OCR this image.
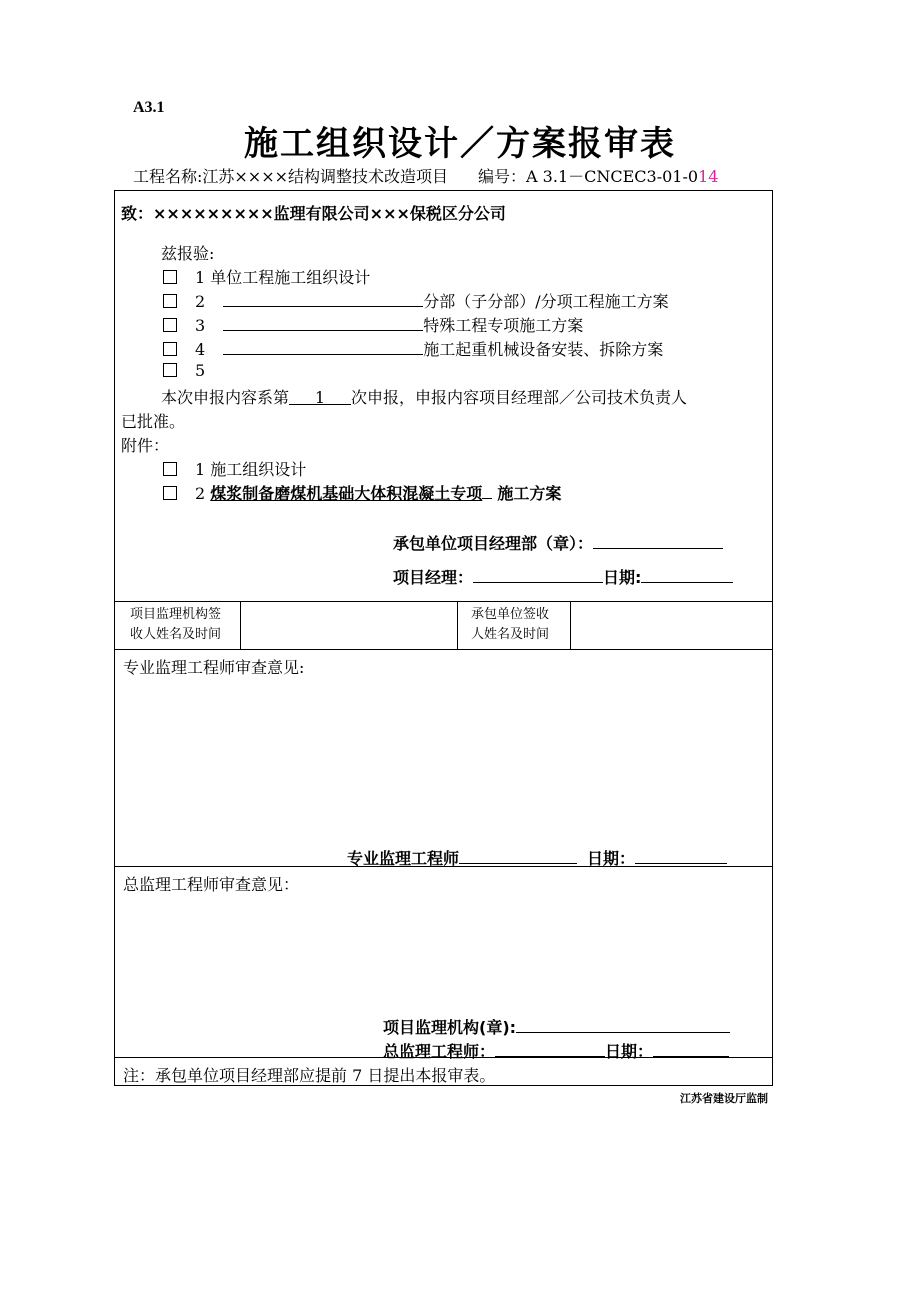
A3.1
施工组织设计／方案报审表
工程名称:江苏××××结构调整技术改造项目 编号：A 3.1－CNCEC3-01-014
致：×××××××××监理有限公司×××保税区分公司
兹报验:
1 单位工程施工组织设计
2	分部（子分部）/分项工程施工方案
3	特殊工程专项施工方案
4	施工起重机械设备安装、拆除方案
5
本次申报内容系第 1 次申报，申报内容项目经理部／公司技术负责人
已批准。
附件：
1 施工组织设计
2 煤浆制备磨煤机基础大体积混凝土专项 施工方案
承包单位项目经理部（章）：
项目经理：	日期:
项目监理机构签
收人姓名及时间
承包单位签收
人姓名及时间
专业监理工程师审查意见:
专业监理工程师	日期：
总监理工程师审查意见：
项目监理机构(章):
总监理工程师：	日期：
注：承包单位项目经理部应提前 7 日提出本报审表。
江苏省建设厅监制
